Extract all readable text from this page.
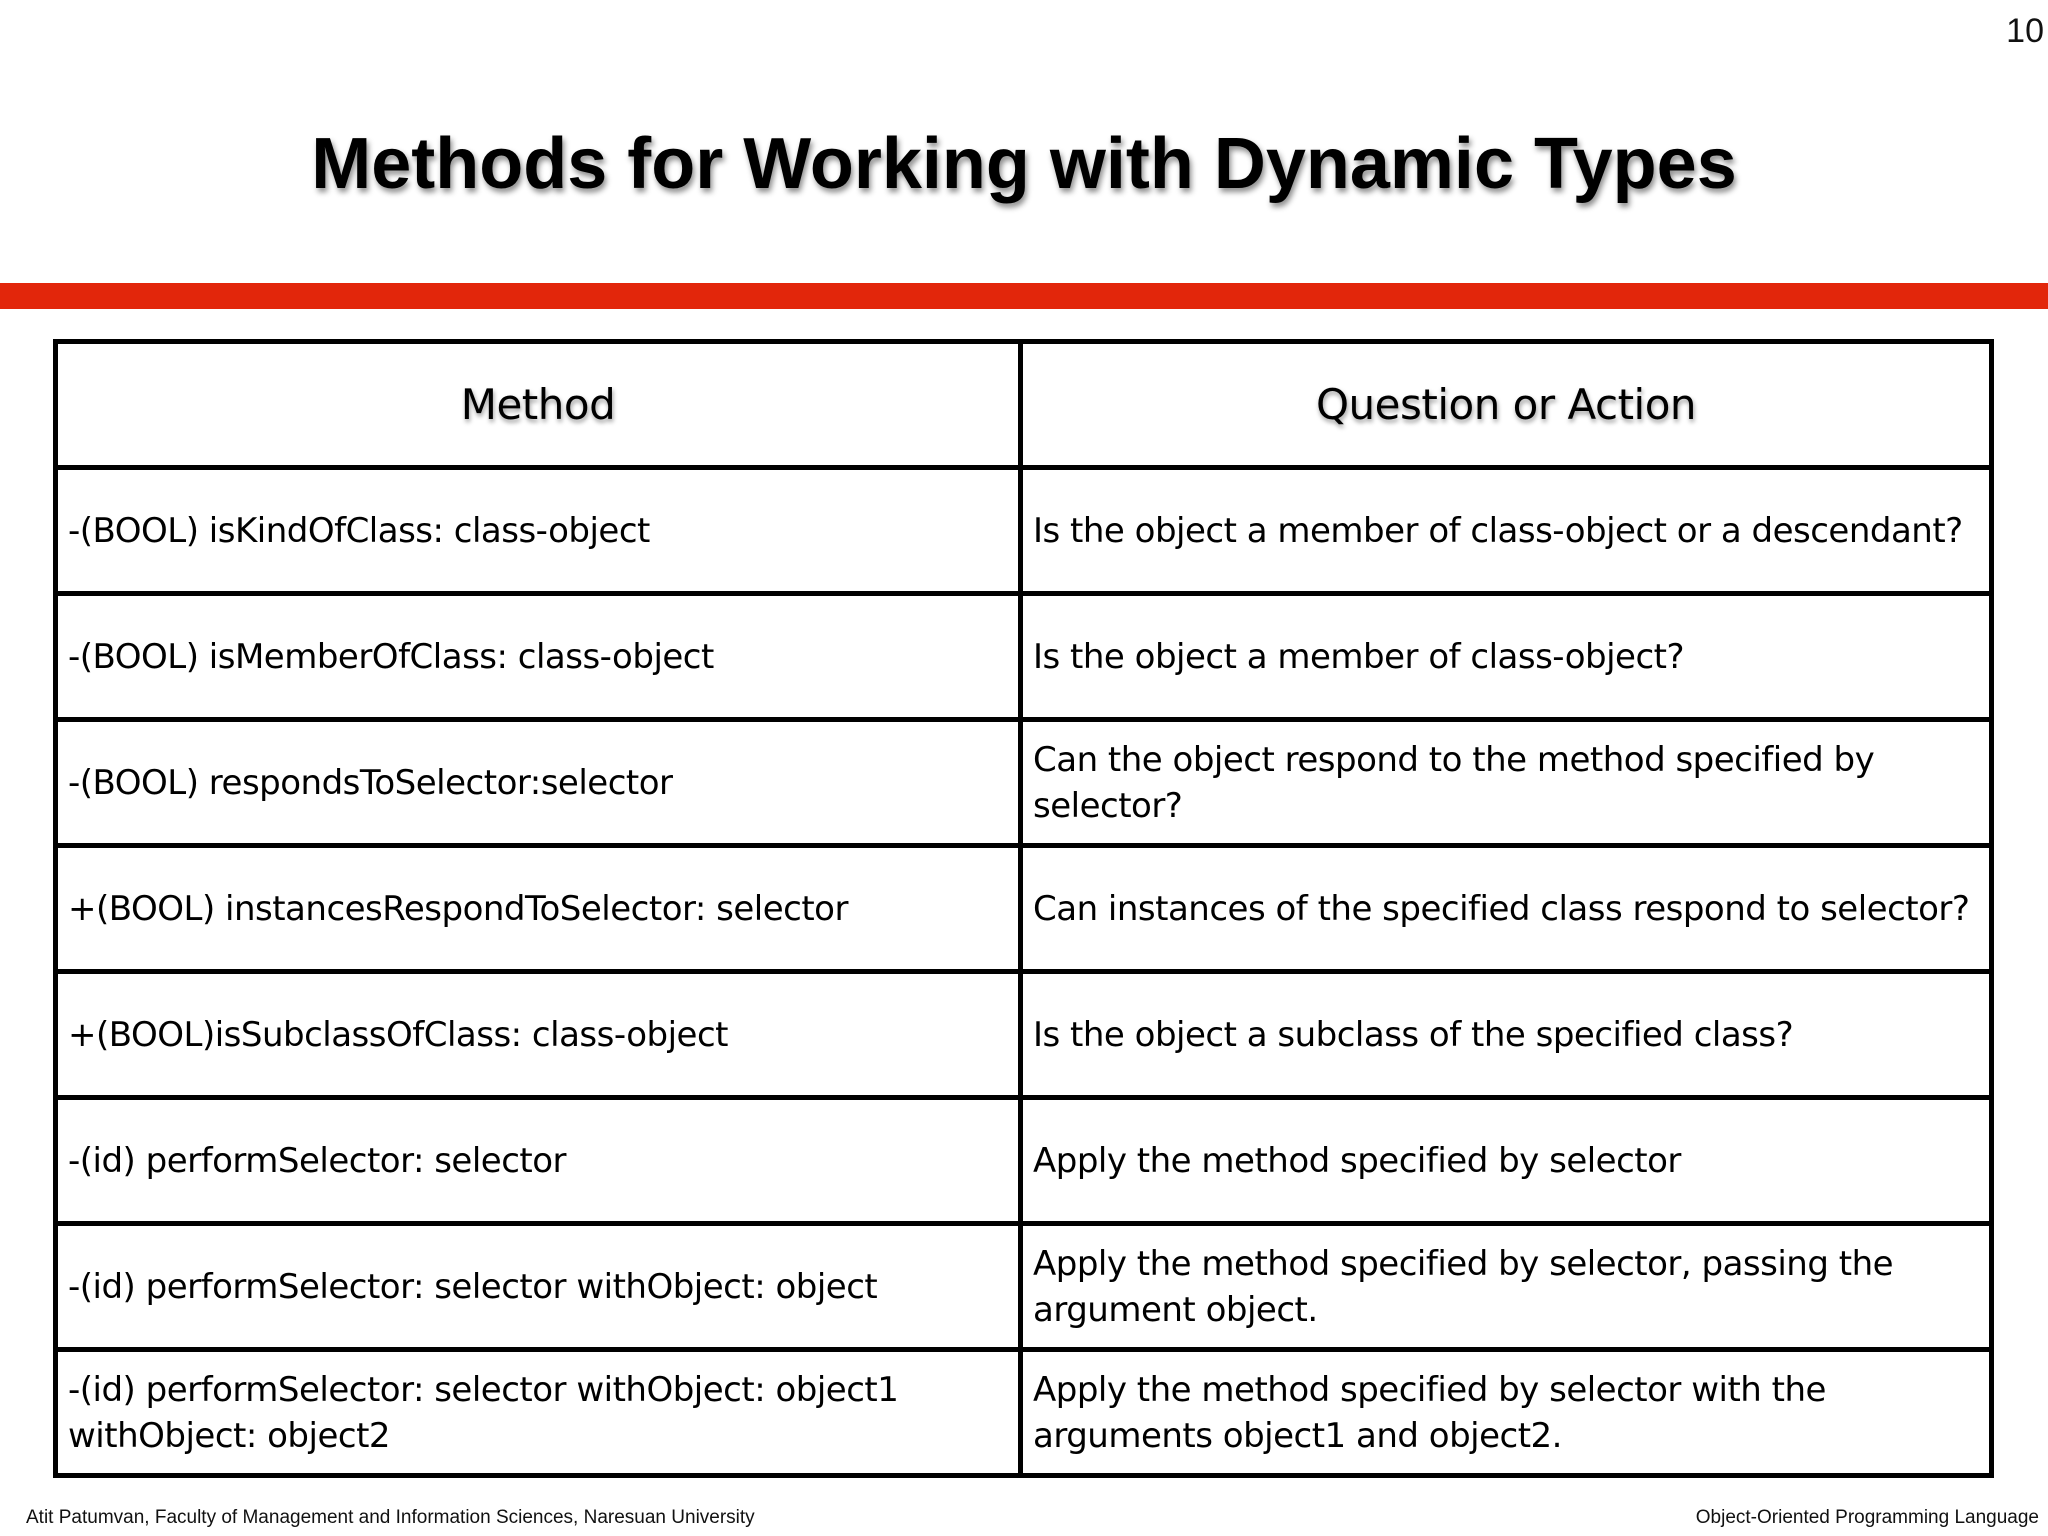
10
Methods for Working with Dynamic Types
Method	Question or Action
-(BOOL) isKindOfClass: class-object	Is the object a member of class-object or a descendant?
-(BOOL) isMemberOfClass: class-object	Is the object a member of class-object?
-(BOOL) respondsToSelector:selector	Can the object respond to the method specified by selector?
+(BOOL) instancesRespondToSelector: selector	Can instances of the specified class respond to selector?
+(BOOL)isSubclassOfClass: class-object	Is the object a subclass of the specified class?
-(id) performSelector: selector	Apply the method specified by selector
-(id) performSelector: selector withObject: object	Apply the method specified by selector, passing the argument object.
-(id) performSelector: selector withObject: object1 withObject: object2	Apply the method specified by selector with the arguments object1 and object2.
Atit Patumvan, Faculty of Management and Information Sciences, Naresuan University	Object-Oriented Programming Language
